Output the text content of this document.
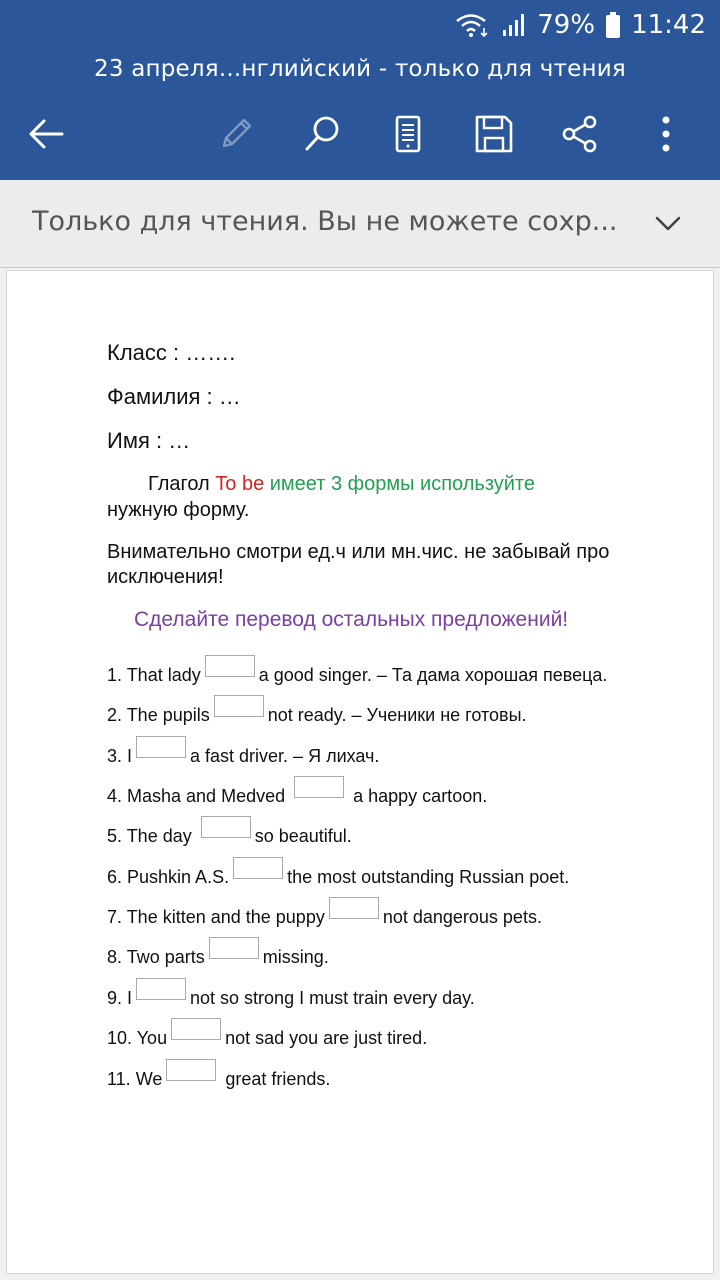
79% 11:42
23 апреля...нглийский - только для чтения
Только для чтения. Вы не можете сохр...
Класс : …….
Фамилия : …
Имя : …
Глагол To be имеет 3 формы используйте
нужную форму.
Внимательно смотри ед.ч или мн.чис. не забывай про
исключения!
Сделайте перевод остальных предложений!
1. That lady	a good singer. – Та дама хорошая певеца.
2. The pupils	not ready. – Ученики не готовы.
3. I	a fast driver. – Я лихач.
4. Masha and Medved	a happy cartoon.
5. The day	so beautiful.
6. Pushkin A.S.	the most outstanding Russian poet.
7. The kitten and the puppy	not dangerous pets.
8. Two parts	missing.
9. I	not so strong I must train every day.
10. You	not sad you are just tired.
11. We	great friends.
